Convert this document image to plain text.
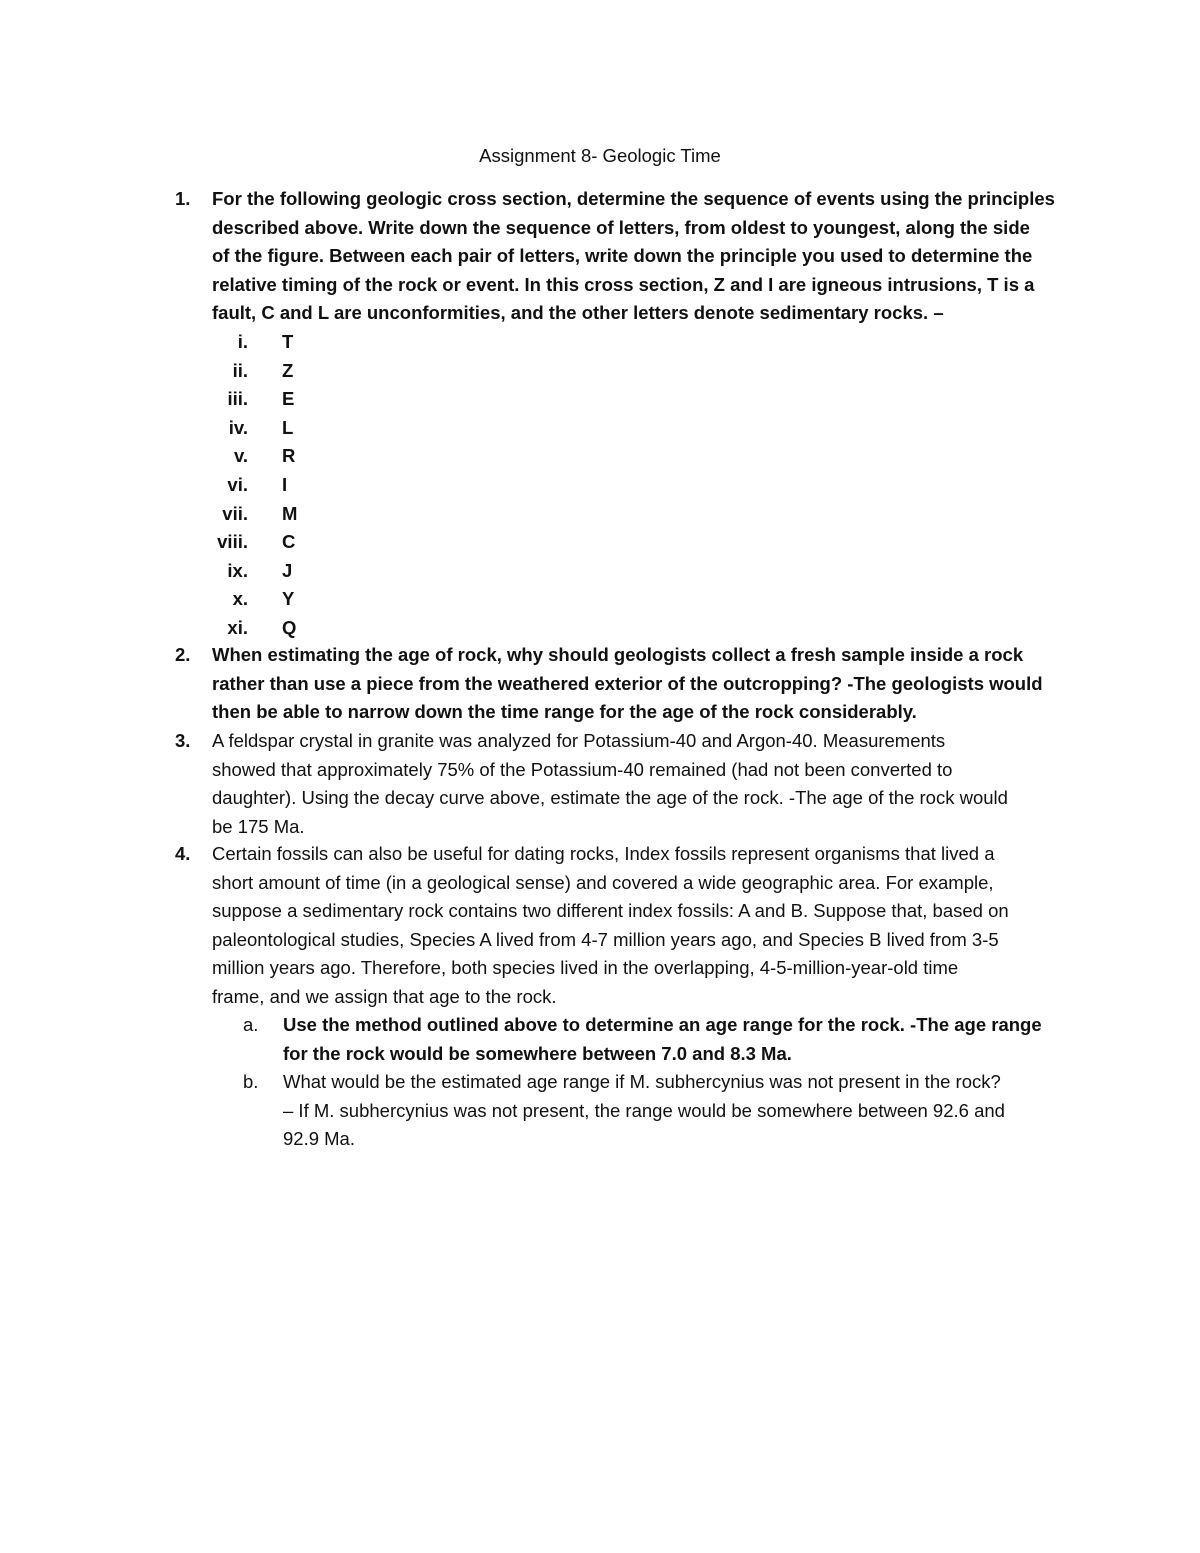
Assignment 8- Geologic Time
1.	For the following geologic cross section, determine the sequence of events using the principles
described above. Write down the sequence of letters, from oldest to youngest, along the side
of the figure. Between each pair of letters, write down the principle you used to determine the
relative timing of the rock or event. In this cross section, Z and I are igneous intrusions, T is a
fault, C and L are unconformities, and the other letters denote sedimentary rocks. –
i. T
ii. Z
iii. E
iv. L
v. R
vi. I
vii. M
viii. C
ix. J
x. Y
xi. Q
2.	When estimating the age of rock, why should geologists collect a fresh sample inside a rock
rather than use a piece from the weathered exterior of the outcropping? -The geologists would
then be able to narrow down the time range for the age of the rock considerably.
3.	A feldspar crystal in granite was analyzed for Potassium-40 and Argon-40. Measurements
showed that approximately 75% of the Potassium-40 remained (had not been converted to
daughter). Using the decay curve above, estimate the age of the rock. -The age of the rock would
be 175 Ma.
4.	Certain fossils can also be useful for dating rocks, Index fossils represent organisms that lived a
short amount of time (in a geological sense) and covered a wide geographic area. For example,
suppose a sedimentary rock contains two different index fossils: A and B. Suppose that, based on
paleontological studies, Species A lived from 4-7 million years ago, and Species B lived from 3-5
million years ago. Therefore, both species lived in the overlapping, 4-5-million-year-old time
frame, and we assign that age to the rock.
a.	Use the method outlined above to determine an age range for the rock. -The age range
for the rock would be somewhere between 7.0 and 8.3 Ma.
b.	What would be the estimated age range if M. subhercynius was not present in the rock?
– If M. subhercynius was not present, the range would be somewhere between 92.6 and
92.9 Ma.
